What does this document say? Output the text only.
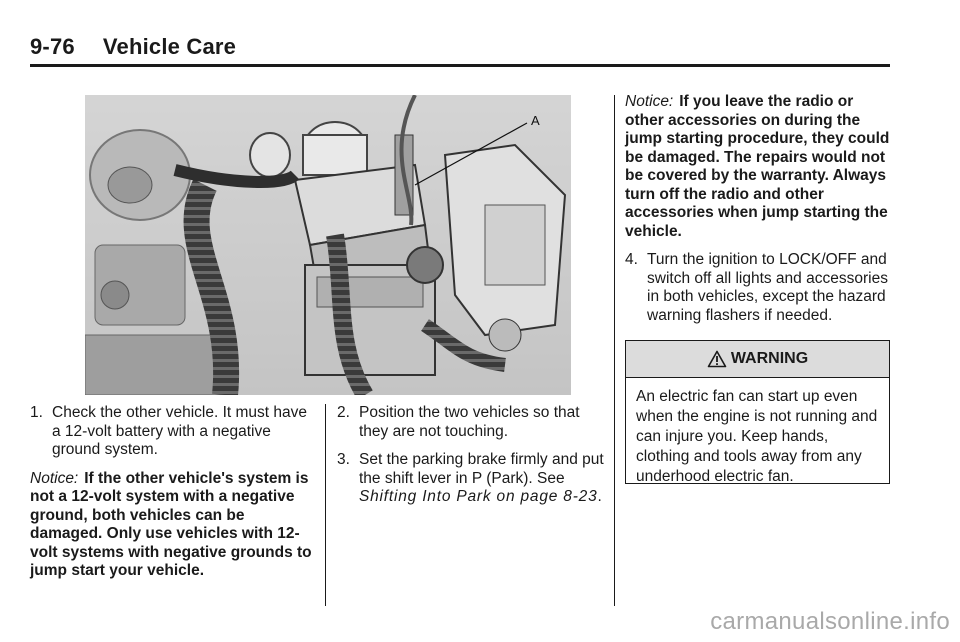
9-76 Vehicle Care
A
1. Check the other vehicle. It must have a 12-volt battery with a negative ground system.
Notice: If the other vehicle's system is not a 12-volt system with a negative ground, both vehicles can be damaged. Only use vehicles with 12-volt systems with negative grounds to jump start your vehicle.
2. Position the two vehicles so that they are not touching.
3. Set the parking brake firmly and put the shift lever in P (Park). See Shifting Into Park on page 8-23.
Notice: If you leave the radio or other accessories on during the jump starting procedure, they could be damaged. The repairs would not be covered by the warranty. Always turn off the radio and other accessories when jump starting the vehicle.
4. Turn the ignition to LOCK/OFF and switch off all lights and accessories in both vehicles, except the hazard warning flashers if needed.
WARNING
An electric fan can start up even when the engine is not running and can injure you. Keep hands, clothing and tools away from any underhood electric fan.
carmanualsonline.info
